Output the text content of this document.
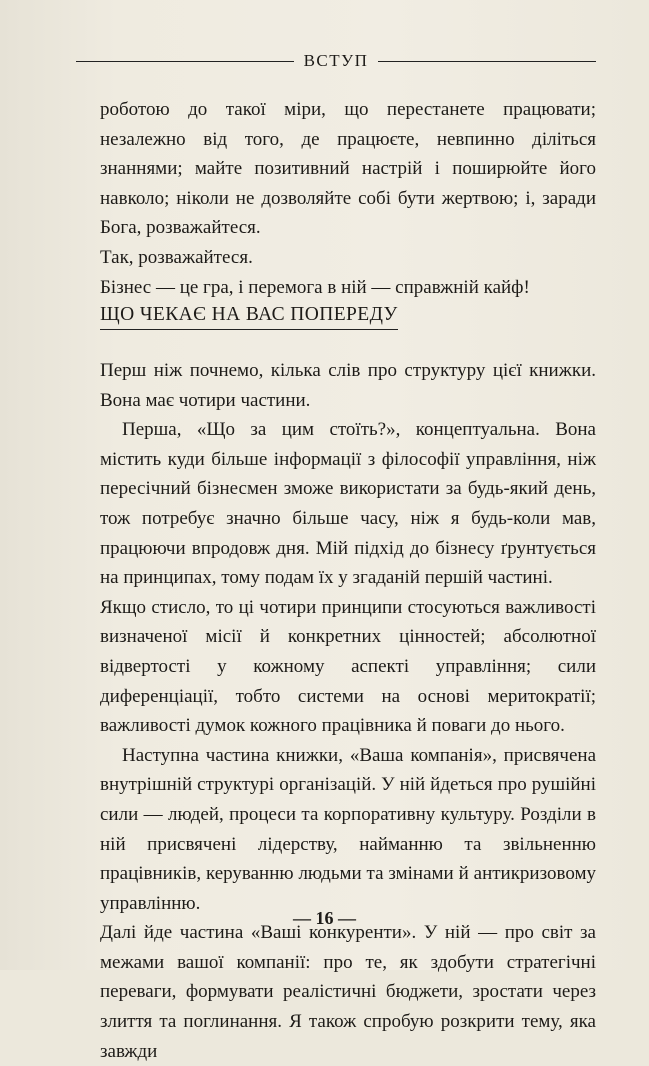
ВСТУП

роботою до такої міри, що перестанете працювати; незалежно від того, де працюєте, невпинно діліться знаннями; майте позитивний настрій і поширюйте його навколо; ніколи не дозволяйте собі бути жертвою; і, заради Бога, розважайтеся.

Так, розважайтеся.

Бізнес — це гра, і перемога в ній — справжній кайф!

ЩО ЧЕКАЄ НА ВАС ПОПЕРЕДУ

Перш ніж почнемо, кілька слів про структуру цієї книжки. Вона має чотири частини.

Перша, «Що за цим стоїть?», концептуальна. Вона містить куди більше інформації з філософії управління, ніж пересічний бізнесмен зможе використати за будь-який день, тож потребує значно більше часу, ніж я будь-коли мав, працюючи впродовж дня. Мій підхід до бізнесу ґрунтується на принципах, тому подам їх у згаданій першій частині.

Якщо стисло, то ці чотири принципи стосуються важливості визначеної місії й конкретних цінностей; абсолютної відвертості у кожному аспекті управління; сили диференціації, тобто системи на основі меритократії; важливості думок кожного працівника й поваги до нього.

Наступна частина книжки, «Ваша компанія», присвячена внутрішній структурі організацій. У ній йдеться про рушійні сили — людей, процеси та корпоративну культуру. Розділи в ній присвячені лідерству, найманню та звільненню працівників, керуванню людьми та змінами й антикризовому управлінню.

Далі йде частина «Ваші конкуренти». У ній — про світ за межами вашої компанії: про те, як здобути стратегічні переваги, формувати реалістичні бюджети, зростати через злиття та поглинання. Я також спробую розкрити тему, яка завжди

— 16 —
